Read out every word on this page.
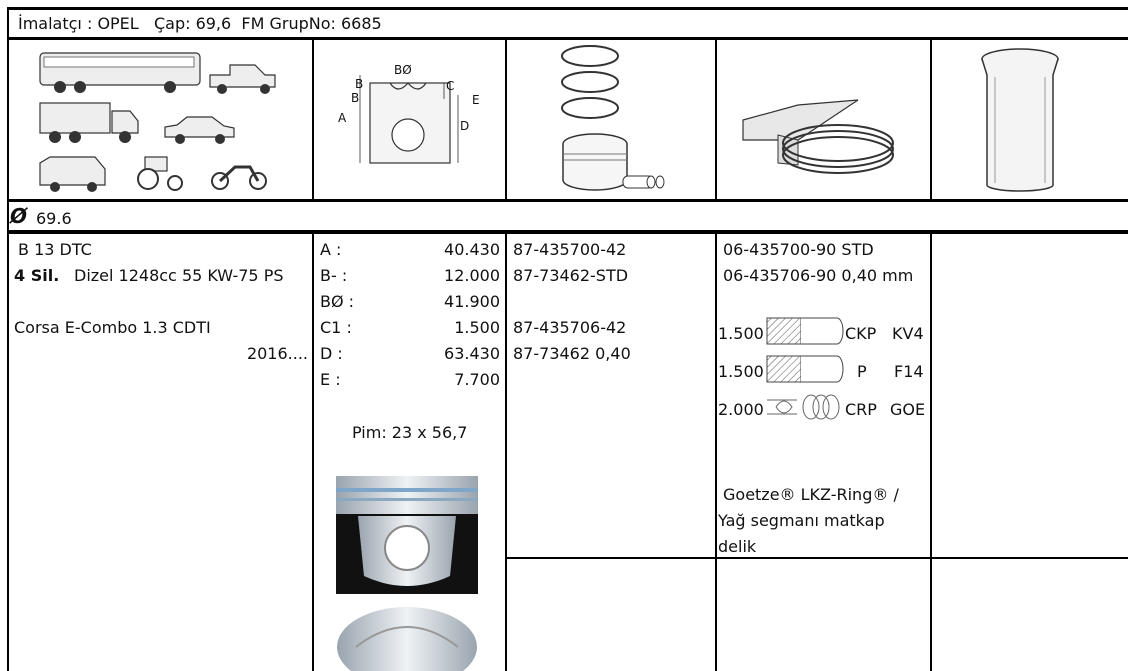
İmalatçı : OPEL   Çap: 69,6  FM GrupNo: 6685
BØ
B
B
C
E
A
D
Ø 69.6
B 13 DTC
4 Sil. Dizel 1248cc 55 KW-75 PS
Corsa E-Combo 1.3 CDTI
2016....
A :	40.430
B- :	12.000
BØ :	41.900
C1 :	1.500
D :	63.430
E :	7.700
Pim: 23 x 56,7
87-435700-42
87-73462-STD
87-435706-42
87-73462 0,40
06-435700-90 STD
06-435706-90 0,40 mm
1.500	CKP KV4
1.500	P F14
2.000	CRP GOE
Goetze® LKZ-Ring® /
Yağ segmanı matkap
delik
